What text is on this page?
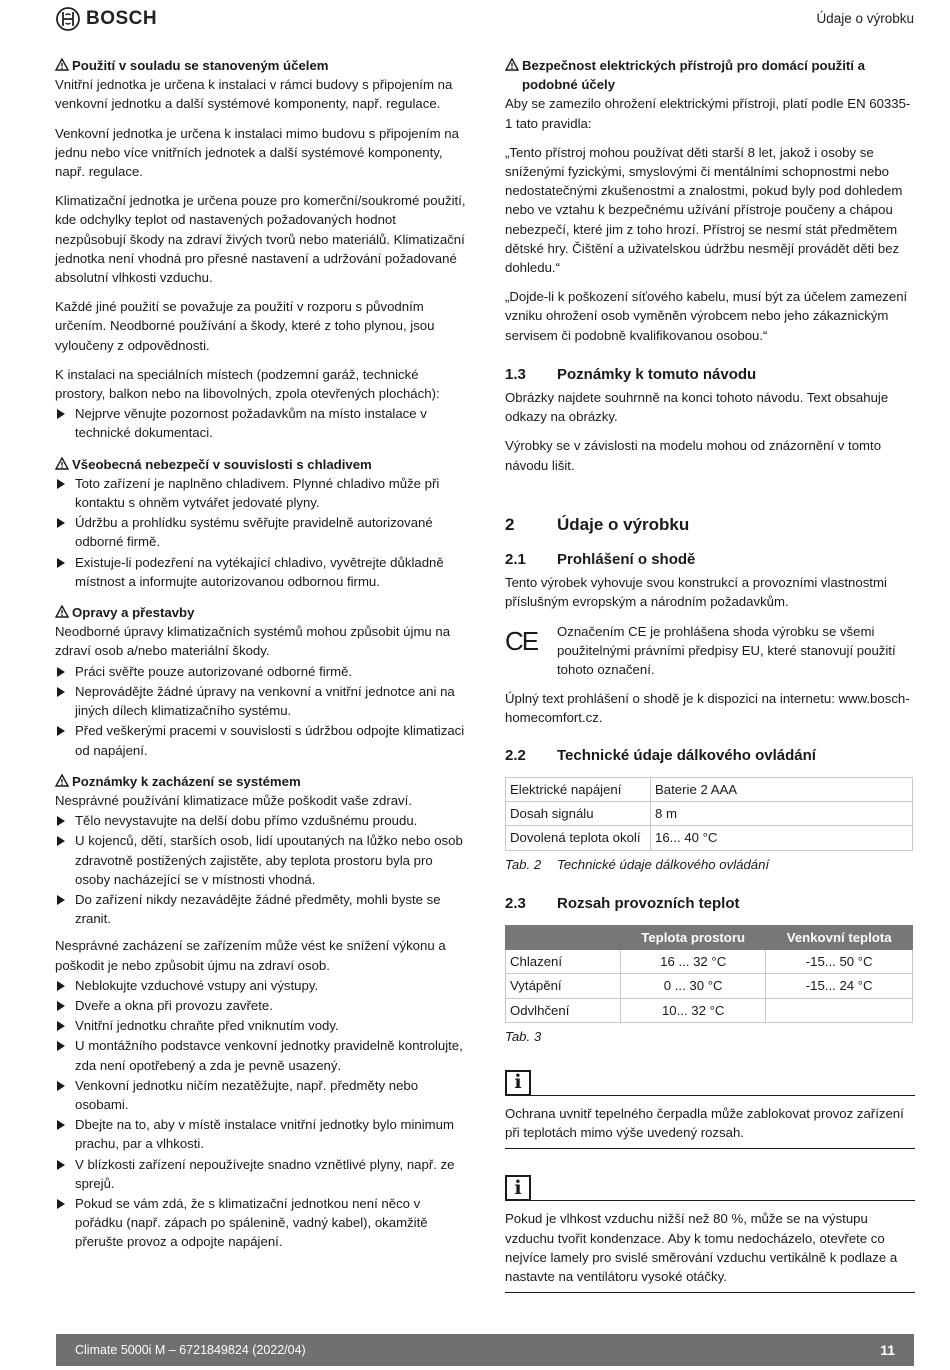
BOSCH	Údaje o výrobku
Použití v souladu se stanoveným účelem

Vnitřní jednotka je určena k instalaci v rámci budovy s připojením na venkovní jednotku a další systémové komponenty, např. regulace.

Venkovní jednotka je určena k instalaci mimo budovu s připojením na jednu nebo více vnitřních jednotek a další systémové komponenty, např. regulace.

Klimatizační jednotka je určena pouze pro komerční/soukromé použití, kde odchylky teplot od nastavených požadovaných hodnot nezpůsobují škody na zdraví živých tvorů nebo materiálů. Klimatizační jednotka není vhodná pro přesné nastavení a udržování požadované absolutní vlhkosti vzduchu.

Každé jiné použití se považuje za použití v rozporu s původním určením. Neodborné používání a škody, které z toho plynou, jsou vyloučeny z odpovědnosti.

K instalaci na speciálních místech (podzemní garáž, technické prostory, balkon nebo na libovolných, zpola otevřených plochách):

Nejprve věnujte pozornost požadavkům na místo instalace v technické dokumentaci.
Všeobecná nebezpečí v souvislosti s chladivem
Toto zařízení je naplněno chladivem. Plynné chladivo může při kontaktu s ohněm vytvářet jedovaté plyny.
Údržbu a prohlídku systému svěřujte pravidelně autorizované odborné firmě.
Existuje-li podezření na vytékající chladivo, vyvětrejte důkladně místnost a informujte autorizovanou odbornou firmu.
Opravy a přestavby

Neodborné úpravy klimatizačních systémů mohou způsobit újmu na zdraví osob a/nebo materiální škody.

Práci svěřte pouze autorizované odborné firmě.
Neprovádějte žádné úpravy na venkovní a vnitřní jednotce ani na jiných dílech klimatizačního systému.
Před veškerými pracemi v souvislosti s údržbou odpojte klimatizaci od napájení.
Poznámky k zacházení se systémem

Nesprávné používání klimatizace může poškodit vaše zdraví.

Tělo nevystavujte na delší dobu přímo vzdušnému proudu.
U kojenců, dětí, starších osob, lidí upoutaných na lůžko nebo osob zdravotně postižených zajistěte, aby teplota prostoru byla pro osoby nacházející se v místnosti vhodná.
Do zařízení nikdy nezavádějte žádné předměty, mohli byste se zranit.

Nesprávné zacházení se zařízením může vést ke snížení výkonu a poškodit je nebo způsobit újmu na zdraví osob.

Neblokujte vzduchové vstupy ani výstupy.
Dveře a okna při provozu zavřete.
Vnitřní jednotku chraňte před vniknutím vody.
U montážního podstavce venkovní jednotky pravidelně kontrolujte, zda není opotřebený a zda je pevně usazený.
Venkovní jednotku ničím nezatěžujte, např. předměty nebo osobami.
Dbejte na to, aby v místě instalace vnitřní jednotky bylo minimum prachu, par a vlhkosti.
V blízkosti zařízení nepoužívejte snadno vznětlivé plyny, např. ze sprejů.
Pokud se vám zdá, že s klimatizační jednotkou není něco v pořádku (např. zápach po spálenině, vadný kabel), okamžitě přerušte provoz a odpojte napájení.
Bezpečnost elektrických přístrojů pro domácí použití a podobné účely

Aby se zamezilo ohrožení elektrickými přístroji, platí podle EN 60335-1 tato pravidla:

„Tento přístroj mohou používat děti starší 8 let, jakož i osoby se sníženými fyzickými, smyslovými či mentálními schopnostmi nebo nedostatečnými zkušenostmi a znalostmi, pokud byly pod dohledem nebo ve vztahu k bezpečnému užívání přístroje poučeny a chápou nebezpečí, které jim z toho hrozí. Přístroj se nesmí stát předmětem dětské hry. Čištění a uživatelskou údržbu nesmějí provádět děti bez dohledu.“

„Dojde-li k poškození síťového kabelu, musí být za účelem zamezení vzniku ohrožení osob vyměněn výrobcem nebo jeho zákaznickým servisem či podobně kvalifikovanou osobou.“

1.3	Poznámky k tomuto návodu

Obrázky najdete souhrnně na konci tohoto návodu. Text obsahuje odkazy na obrázky.

Výrobky se v závislosti na modelu mohou od znázornění v tomto návodu lišit.

2	Údaje o výrobku
2.1	Prohlášení o shodě

Tento výrobek vyhovuje svou konstrukcí a provozními vlastnostmi příslušným evropským a národním požadavkům.

CE	Označením CE je prohlášena shoda výrobku se všemi použitelnými právními předpisy EU, které stanovují použití tohoto označení.

Úplný text prohlášení o shodě je k dispozici na internetu: www.bosch-homecomfort.cz.

2.2	Technické údaje dálkového ovládání
Elektrické napájení	Baterie 2 AAA
Dosah signálu	8 m
Dovolená teplota okolí	16... 40 °C
Tab. 2	Technické údaje dálkového ovládání
2.3	Rozsah provozních teplot
	Teplota prostoru	Venkovní teplota
Chlazení	16 ... 32 °C	-15... 50 °C
Vytápění	0 ... 30 °C	-15... 24 °C
Odvlhčení	10... 32 °C	
Tab. 3
i
Ochrana uvnitř tepelného čerpadla může zablokovat provoz zařízení při teplotách mimo výše uvedený rozsah.
i
Pokud je vlhkost vzduchu nižší než 80 %, může se na výstupu vzduchu tvořit kondenzace. Aby k tomu nedocházelo, otevřete co nejvíce lamely pro svislé směrování vzduchu vertikálně k podlaze a nastavte na ventilátoru vysoké otáčky.
Climate 5000i M – 6721849824 (2022/04)	11
